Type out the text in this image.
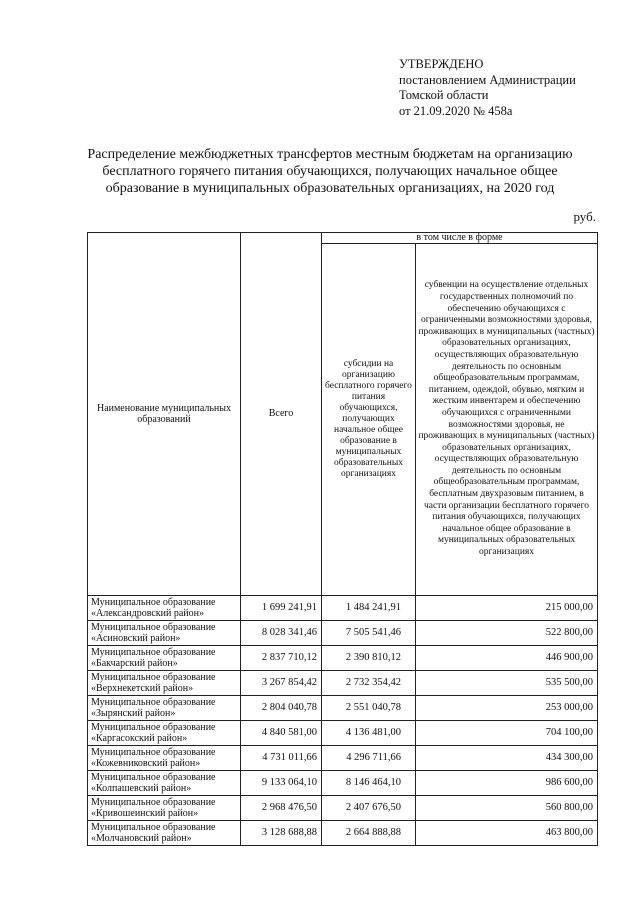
УТВЕРЖДЕНО
постановлением Администрации
Томской области
от 21.09.2020 № 458а
Распределение межбюджетных трансфертов местным бюджетам на организацию
бесплатного горячего питания обучающихся, получающих начальное общее
образование в муниципальных образовательных организациях, на 2020 год
руб.
Наименование муниципальных образований	Всего	в том числе в форме	
		субсидии на организацию бесплатного горячего питания обучающихся, получающих начальное общее образование в муниципальных образовательных организациях	субвенции на осуществление отдельных государственных полномочий по обеспечению обучающихся с ограниченными возможностями здоровья, проживающих в муниципальных (частных) образовательных организациях, осуществляющих образовательную деятельность по основным общеобразовательным программам, питанием, одеждой, обувью, мягким и жестким инвентарем и обеспечению обучающихся с ограниченными возможностями здоровья, не проживающих в муниципальных (частных) образовательных организациях, осуществляющих образовательную деятельность по основным общеобразовательным программам, бесплатным двухразовым питанием, в части организации бесплатного горячего питания обучающихся, получающих начальное общее образование в муниципальных образовательных организациях

Муниципальное образование
«Александровский район»	1 699 241,91	1 484 241,91	215 000,00

Муниципальное образование
«Асиновский район»	8 028 341,46	7 505 541,46	522 800,00

Муниципальное образование
«Бакчарский район»	2 837 710,12	2 390 810,12	446 900,00

Муниципальное образование
«Верхнекетский район»	3 267 854,42	2 732 354,42	535 500,00

Муниципальное образование
«Зырянский район»	2 804 040,78	2 551 040,78	253 000,00

Муниципальное образование
«Каргасокский район»	4 840 581,00	4 136 481,00	704 100,00

Муниципальное образование
«Кожевниковский район»	4 731 011,66	4 296 711,66	434 300,00

Муниципальное образование
«Колпашевский район»	9 133 064,10	8 146 464,10	986 600,00

Муниципальное образование
«Кривошеинский район»	2 968 476,50	2 407 676,50	560 800,00

Муниципальное образование
«Молчановский район»	3 128 688,88	2 664 888,88	463 800,00
